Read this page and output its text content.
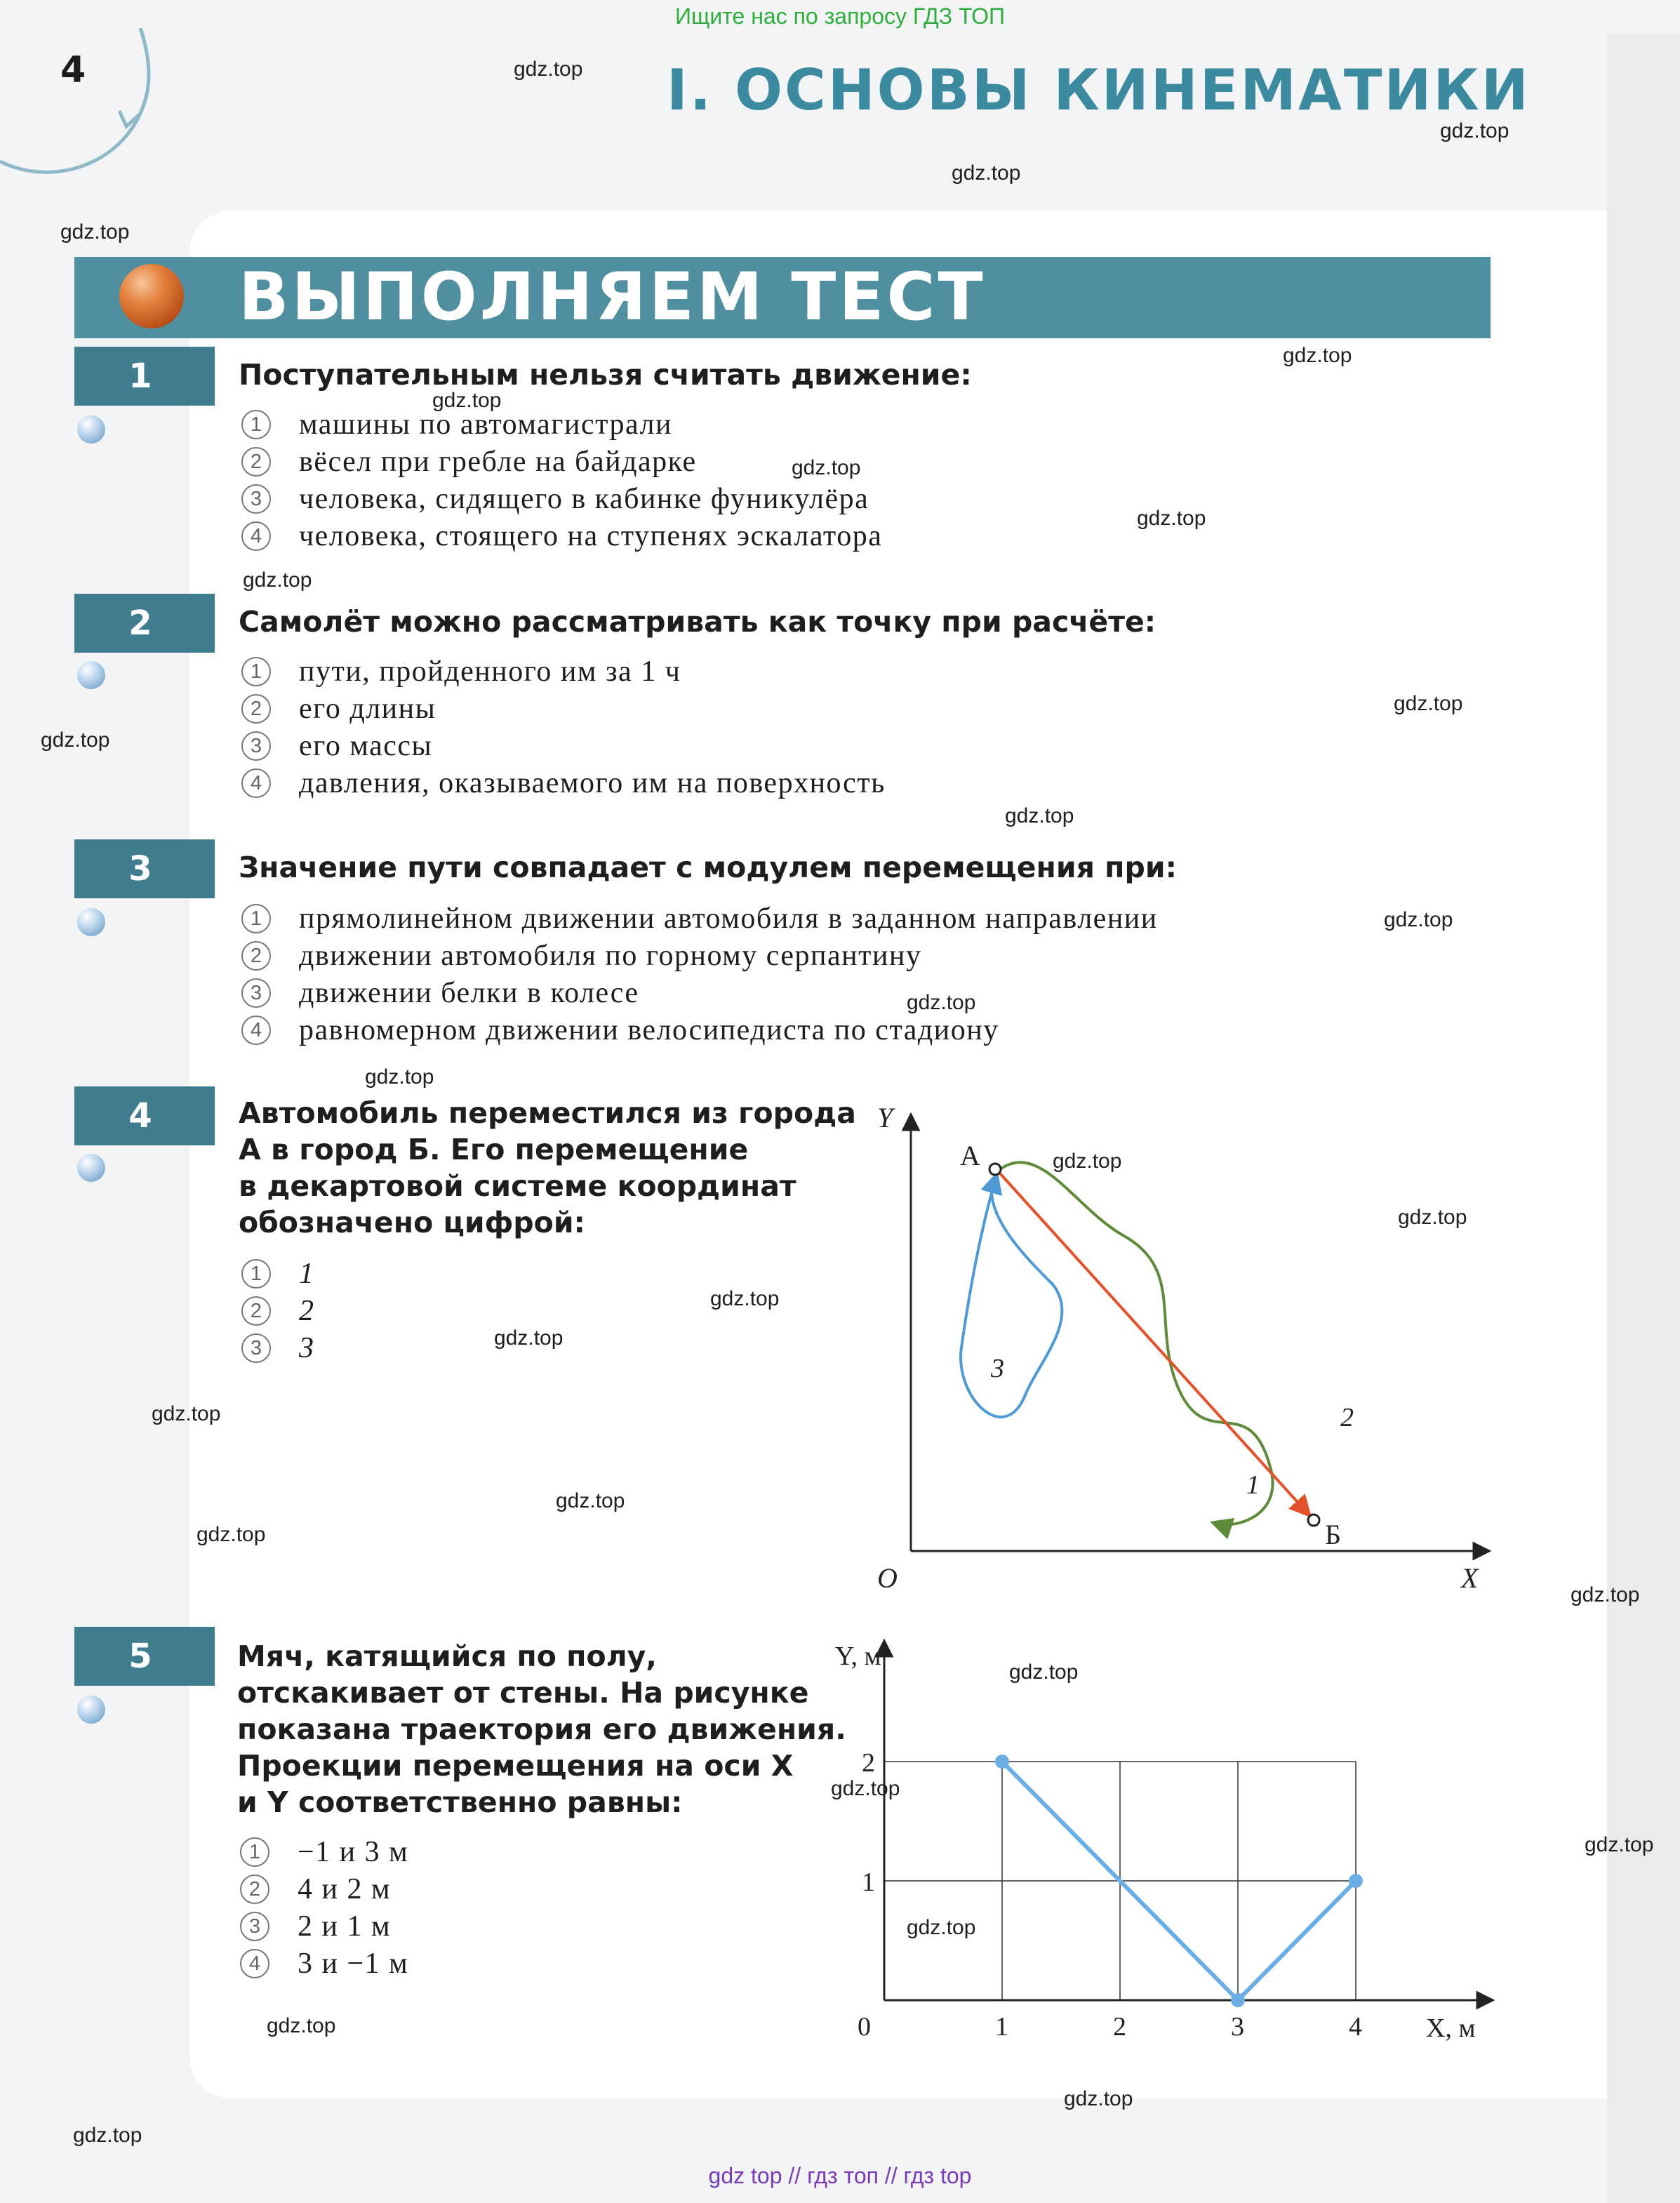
Ищите нас по запросу ГДЗ ТОП
4	I. ОСНОВЫ КИНЕМАТИКИ
ВЫПОЛНЯЕМ ТЕСТ
1	Поступательным нельзя считать движение:
1	машины по автомагистрали
2	вёсел при гребле на байдарке
3	человека, сидящего в кабинке фуникулёра
4	человека, стоящего на ступенях эскалатора
2	Самолёт можно рассматривать как точку при расчёте:
1	пути, пройденного им за 1 ч
2	его длины
3	его массы
4	давления, оказываемого им на поверхность
3	Значение пути совпадает с модулем перемещения при:
1	прямолинейном движении автомобиля в заданном направлении
2	движении автомобиля по горному серпантину
3	движении белки в колесе
4	равномерном движении велосипедиста по стадиону
4	Автомобиль переместился из города
А в город Б. Его перемещение
в декартовой системе координат
обозначено цифрой:
1	1
2	2
3	3
Y
X
O
А
Б
1
2
3
5	Мяч, катящийся по полу,
отскакивает от стены. На рисунке
показана траектория его движения.
Проекции перемещения на оси X
и Y соответственно равны:
1	−1 и 3 м
2	4 и 2 м
3	2 и 1 м
4	3 и −1 м
Y, м
X, м
0	1	2	3	4
1
2
gdz.top
gdz.top
gdz.top
gdz.top
gdz.top
gdz.top
gdz.top
gdz.top
gdz.top
gdz.top
gdz.top
gdz.top
gdz.top
gdz.top
gdz.top
gdz.top
gdz.top
gdz.top
gdz.top
gdz.top
gdz.top
gdz.top
gdz.top
gdz.top
gdz.top
gdz.top
gdz.top
gdz.top
gdz.top
gdz.top
gdz top // гдз топ // гдз top
